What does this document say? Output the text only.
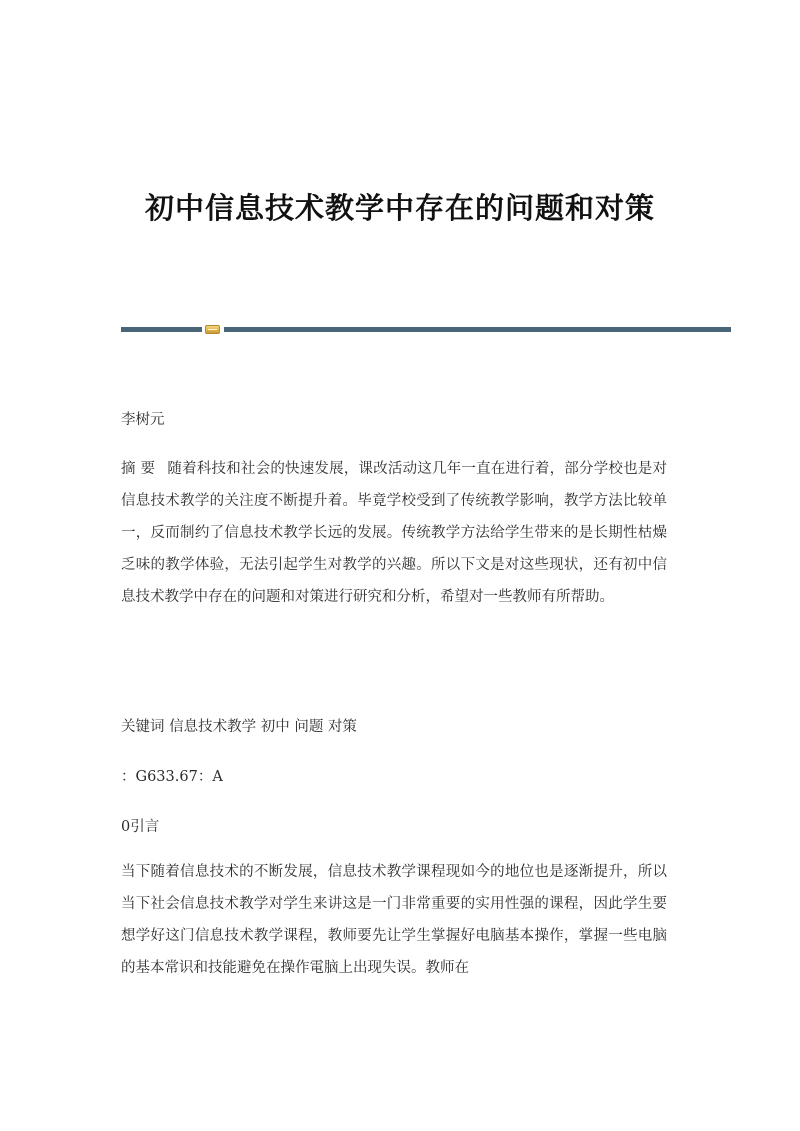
初中信息技术教学中存在的问题和对策

李树元

摘 要 随着科技和社会的快速发展，课改活动这几年一直在进行着，部分学校也是对信息技术教学的关注度不断提升着。毕竟学校受到了传统教学影响，教学方法比较单一，反而制约了信息技术教学长远的发展。传统教学方法给学生带来的是长期性枯燥乏味的教学体验，无法引起学生对教学的兴趣。所以下文是对这些现状，还有初中信息技术教学中存在的问题和对策进行研究和分析，希望对一些教师有所帮助。

关键词 信息技术教学 初中 问题 对策

：G633.67：A

0引言

当下随着信息技术的不断发展，信息技术教学课程现如今的地位也是逐渐提升，所以当下社会信息技术教学对学生来讲这是一门非常重要的实用性强的课程，因此学生要想学好这门信息技术教学课程，教师要先让学生掌握好电脑基本操作，掌握一些电脑的基本常识和技能避免在操作電脑上出现失误。教师在
